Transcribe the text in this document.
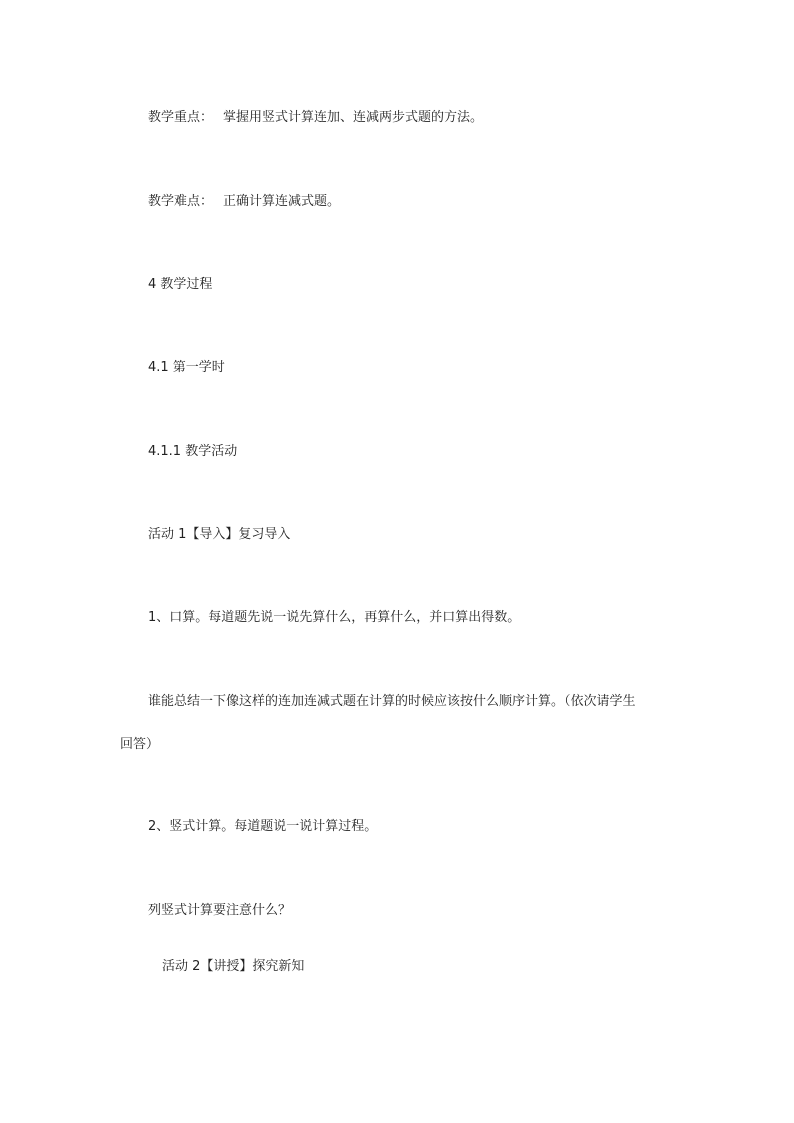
教学重点： 掌握用竖式计算连加、连减两步式题的方法。
教学难点： 正确计算连减式题。
4 教学过程
4.1 第一学时
4.1.1 教学活动
活动 1【导入】复习导入
1、口算。每道题先说一说先算什么，再算什么，并口算出得数。
谁能总结一下像这样的连加连减式题在计算的时候应该按什么顺序计算。（依次请学生
回答）
2、竖式计算。每道题说一说计算过程。
列竖式计算要注意什么？
活动 2【讲授】探究新知
